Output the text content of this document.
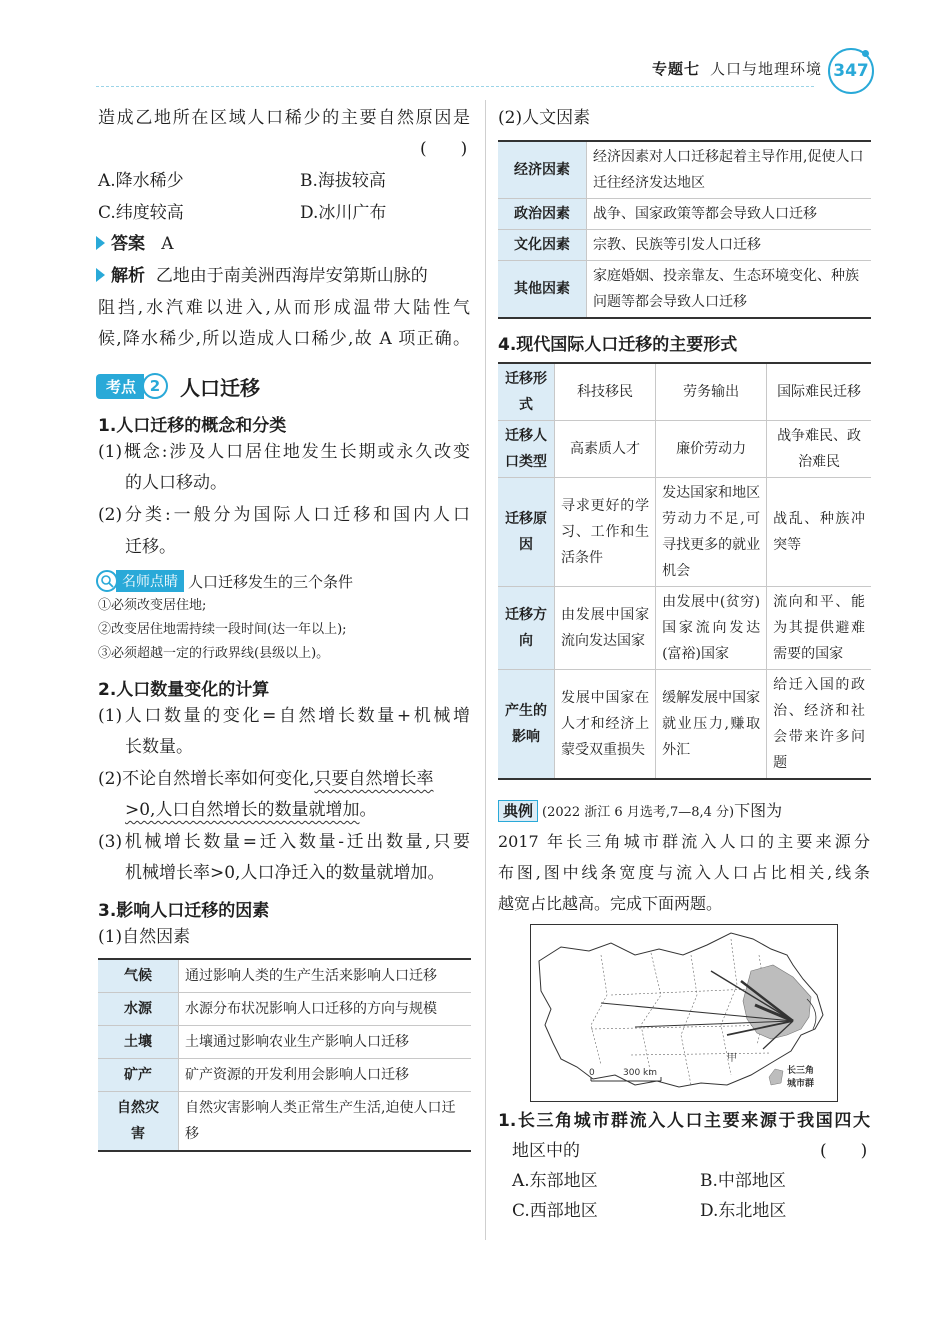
专题七 人口与地理环境 347

造成乙地所在区域人口稀少的主要自然原因是

(　　)

A.降水稀少	B.海拔较高

C.纬度较高	D.冰川广布

答案 A

解析 乙地由于南美洲西海岸安第斯山脉的

阻挡,水汽难以进入,从而形成温带大陆性气

候,降水稀少,所以造成人口稀少,故 A 项正确。

考点 2 人口迁移
1.人口迁移的概念和分类

(1)概念:涉及人口居住地发生长期或永久改变

的人口移动。

(2)分类:一般分为国际人口迁移和国内人口

迁移。

名师点睛 人口迁移发生的三个条件
①必须改变居住地;
②改变居住地需持续一段时间(达一年以上);
③必须超越一定的行政界线(县级以上)。
2.人口数量变化的计算

(1)人口数量的变化=自然增长数量+机械增

长数量。

(2)不论自然增长率如何变化,只要自然增长率

>0,人口自然增长的数量就增加。

(3)机械增长数量=迁入数量-迁出数量,只要

机械增长率>0,人口净迁入的数量就增加。

3.影响人口迁移的因素

(1)自然因素

气候	通过影响人类的生产生活来影响人口迁移
水源	水源分布状况影响人口迁移的方向与规模
土壤	土壤通过影响农业生产影响人口迁移
矿产	矿产资源的开发利用会影响人口迁移
自然灾害	自然灾害影响人类正常生产生活,迫使人口迁移

(2)人文因素

经济因素	经济因素对人口迁移起着主导作用,促使人口迁往经济发达地区
政治因素	战争、国家政策等都会导致人口迁移
文化因素	宗教、民族等引发人口迁移
其他因素	家庭婚姻、投亲靠友、生态环境变化、种族问题等都会导致人口迁移
4.现代国际人口迁移的主要形式
迁移形式	科技移民	劳务输出	国际难民迁移
迁移人口类型	高素质人才	廉价劳动力	战争难民、政治难民
迁移原因	寻求更好的学习、工作和生活条件	发达国家和地区劳动力不足,可寻找更多的就业机会	战乱、种族冲突等
迁移方向	由发展中国家流向发达国家	由发展中(贫穷)国家流向发达(富裕)国家	流向和平、能为其提供避难需要的国家
产生的影响	发展中国家在人才和经济上蒙受双重损失	缓解发展中国家就业压力,赚取外汇	给迁入国的政治、经济和社会带来许多问题

典例 (2022 浙江 6 月选考,7—8,4 分)下图为

2017 年长三角城市群流入人口的主要来源分

布图,图中线条宽度与流入人口占比相关,线条

越宽占比越高。完成下面两题。

0	300 km
甲
长三角
城市群

1.长三角城市群流入人口主要来源于我国四大

地区中的	(　　)

A.东部地区	B.中部地区

C.西部地区	D.东北地区
